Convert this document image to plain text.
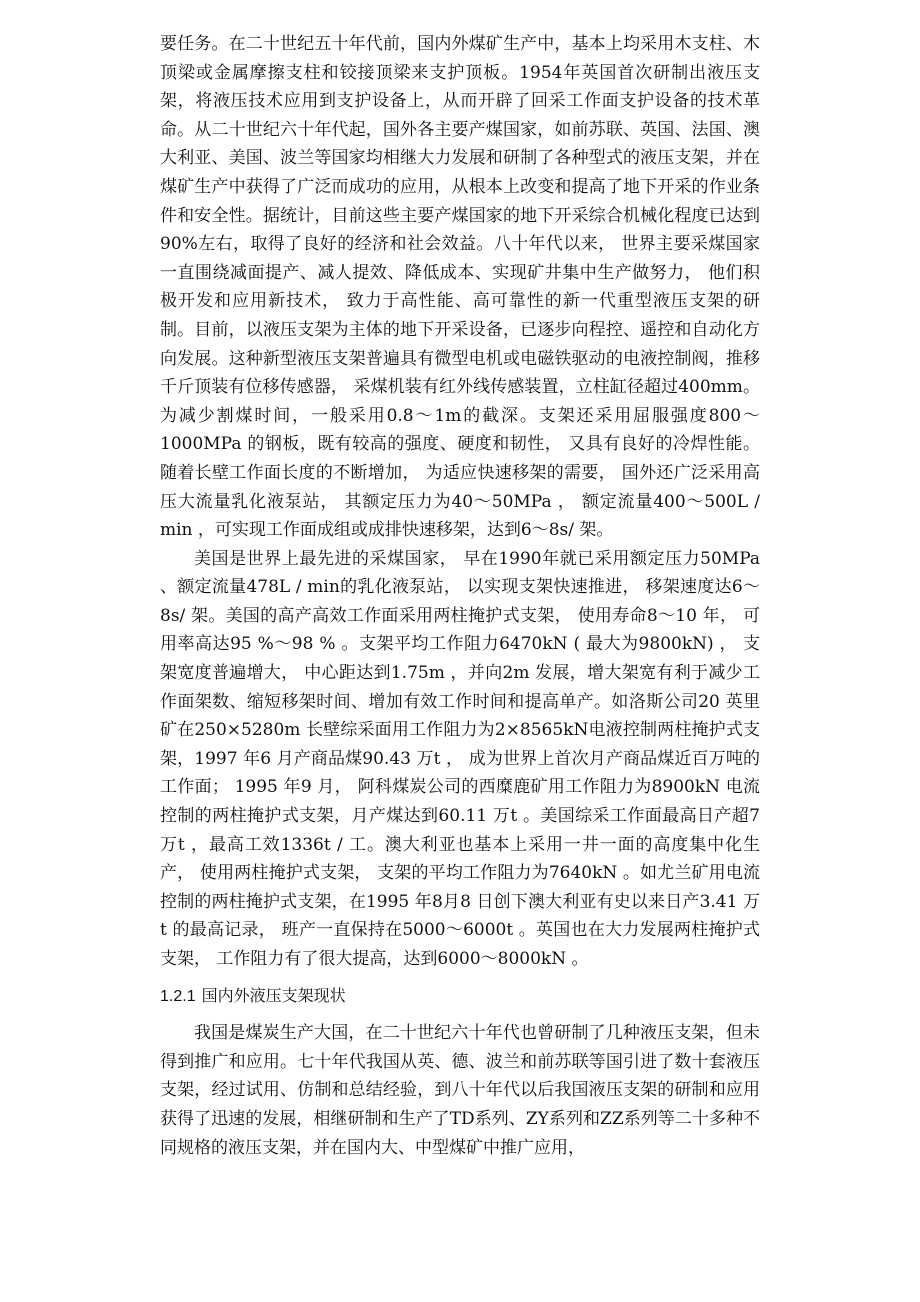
要任务。在二十世纪五十年代前，国内外煤矿生产中，基本上均采用木支柱、木顶梁或金属摩擦支柱和铰接顶梁来支护顶板。1954年英国首次研制出液压支架，将液压技术应用到支护设备上，从而开辟了回采工作面支护设备的技术革命。从二十世纪六十年代起，国外各主要产煤国家，如前苏联、英国、法国、澳大利亚、美国、波兰等国家均相继大力发展和研制了各种型式的液压支架，并在煤矿生产中获得了广泛而成功的应用，从根本上改变和提高了地下开采的作业条件和安全性。据统计，目前这些主要产煤国家的地下开采综合机械化程度已达到90%左右，取得了良好的经济和社会效益。八十年代以来， 世界主要采煤国家一直围绕减面提产、减人提效、降低成本、实现矿井集中生产做努力， 他们积极开发和应用新技术， 致力于高性能、高可靠性的新一代重型液压支架的研制。目前，以液压支架为主体的地下开采设备，已逐步向程控、遥控和自动化方向发展。这种新型液压支架普遍具有微型电机或电磁铁驱动的电液控制阀，推移千斤顶装有位移传感器， 采煤机装有红外线传感装置，立柱缸径超过400mm。为减少割煤时间，一般采用0.8～1m的截深。支架还采用屈服强度800～1000MPa 的钢板，既有较高的强度、硬度和韧性， 又具有良好的冷焊性能。随着长壁工作面长度的不断增加， 为适应快速移架的需要， 国外还广泛采用高压大流量乳化液泵站， 其额定压力为40～50MPa ， 额定流量400～500L / min ，可实现工作面成组或成排快速移架，达到6～8s/ 架。

美国是世界上最先进的采煤国家， 早在1990年就已采用额定压力50MPa 、额定流量478L / min的乳化液泵站， 以实现支架快速推进， 移架速度达6～8s/ 架。美国的高产高效工作面采用两柱掩护式支架， 使用寿命8～10 年， 可用率高达95 %～98 % 。支架平均工作阻力6470kN ( 最大为9800kN) ， 支架宽度普遍增大， 中心距达到1.75m ，并向2m 发展，增大架宽有利于减少工作面架数、缩短移架时间、增加有效工作时间和提高单产。如洛斯公司20 英里矿在250×5280m 长壁综采面用工作阻力为2×8565kN电液控制两柱掩护式支架，1997 年6 月产商品煤90.43 万t ， 成为世界上首次月产商品煤近百万吨的工作面； 1995 年9 月， 阿科煤炭公司的西糜鹿矿用工作阻力为8900kN 电流控制的两柱掩护式支架，月产煤达到60.11 万t 。美国综采工作面最高日产超7 万t ，最高工效1336t / 工。澳大利亚也基本上采用一井一面的高度集中化生产， 使用两柱掩护式支架， 支架的平均工作阻力为7640kN 。如尤兰矿用电流控制的两柱掩护式支架，在1995 年8月8 日创下澳大利亚有史以来日产3.41 万t 的最高记录， 班产一直保持在5000～6000t 。英国也在大力发展两柱掩护式支架， 工作阻力有了很大提高，达到6000～8000kN 。

1.2.1 国内外液压支架现状

我国是煤炭生产大国，在二十世纪六十年代也曾研制了几种液压支架，但未得到推广和应用。七十年代我国从英、德、波兰和前苏联等国引进了数十套液压支架，经过试用、仿制和总结经验，到八十年代以后我国液压支架的研制和应用获得了迅速的发展，相继研制和生产了TD系列、ZY系列和ZZ系列等二十多种不同规格的液压支架，并在国内大、中型煤矿中推广应用，
